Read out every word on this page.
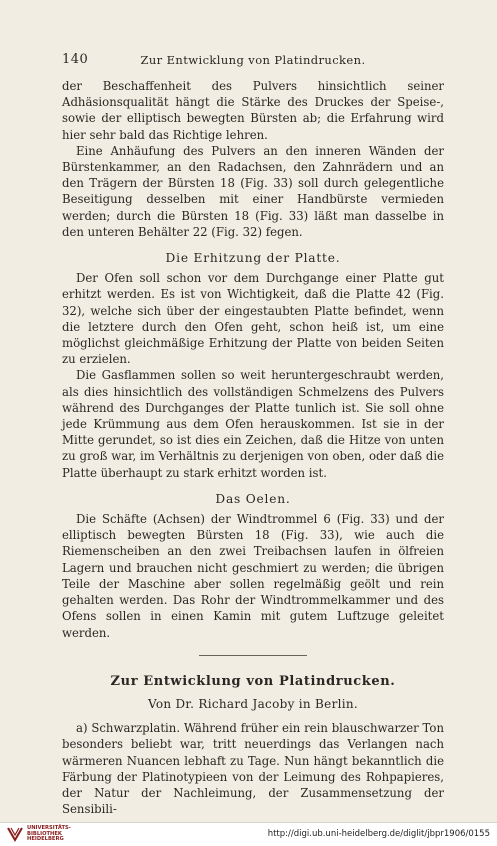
140	Zur Entwicklung von Platindrucken.

der Beschaffenheit des Pulvers hinsichtlich seiner Adhäsionsqualität hängt die Stärke des Druckes der Speise-, sowie der elliptisch bewegten Bürsten ab; die Erfahrung wird hier sehr bald das Richtige lehren.

Eine Anhäufung des Pulvers an den inneren Wänden der Bürstenkammer, an den Radachsen, den Zahnrädern und an den Trägern der Bürsten 18 (Fig. 33) soll durch gelegentliche Beseitigung desselben mit einer Handbürste vermieden werden; durch die Bürsten 18 (Fig. 33) läßt man dasselbe in den unteren Behälter 22 (Fig. 32) fegen.

Die Erhitzung der Platte.

Der Ofen soll schon vor dem Durchgange einer Platte gut erhitzt werden. Es ist von Wichtigkeit, daß die Platte 42 (Fig. 32), welche sich über der eingestaubten Platte befindet, wenn die letztere durch den Ofen geht, schon heiß ist, um eine möglichst gleichmäßige Erhitzung der Platte von beiden Seiten zu erzielen.

Die Gasflammen sollen so weit heruntergeschraubt werden, als dies hinsichtlich des vollständigen Schmelzens des Pulvers während des Durchganges der Platte tunlich ist. Sie soll ohne jede Krümmung aus dem Ofen herauskommen. Ist sie in der Mitte gerundet, so ist dies ein Zeichen, daß die Hitze von unten zu groß war, im Verhältnis zu derjenigen von oben, oder daß die Platte überhaupt zu stark erhitzt worden ist.

Das Oelen.

Die Schäfte (Achsen) der Windtrommel 6 (Fig. 33) und der elliptisch bewegten Bürsten 18 (Fig. 33), wie auch die Riemenscheiben an den zwei Treibachsen laufen in ölfreien Lagern und brauchen nicht geschmiert zu werden; die übrigen Teile der Maschine aber sollen regelmäßig geölt und rein gehalten werden. Das Rohr der Windtrommelkammer und des Ofens sollen in einen Kamin mit gutem Luftzuge geleitet werden.

Zur Entwicklung von Platindrucken.
Von Dr. Richard Jacoby in Berlin.

a) Schwarzplatin. Während früher ein rein blauschwarzer Ton besonders beliebt war, tritt neuerdings das Verlangen nach wärmeren Nuancen lebhaft zu Tage. Nun hängt bekanntlich die Färbung der Platinotypieen von der Leimung des Rohpapieres, der Natur der Nachleimung, der Zusammensetzung der Sensibili-

UNIVERSITÄTS-
BIBLIOTHEK
HEIDELBERG
http://digi.ub.uni-heidelberg.de/diglit/jbpr1906/0155
